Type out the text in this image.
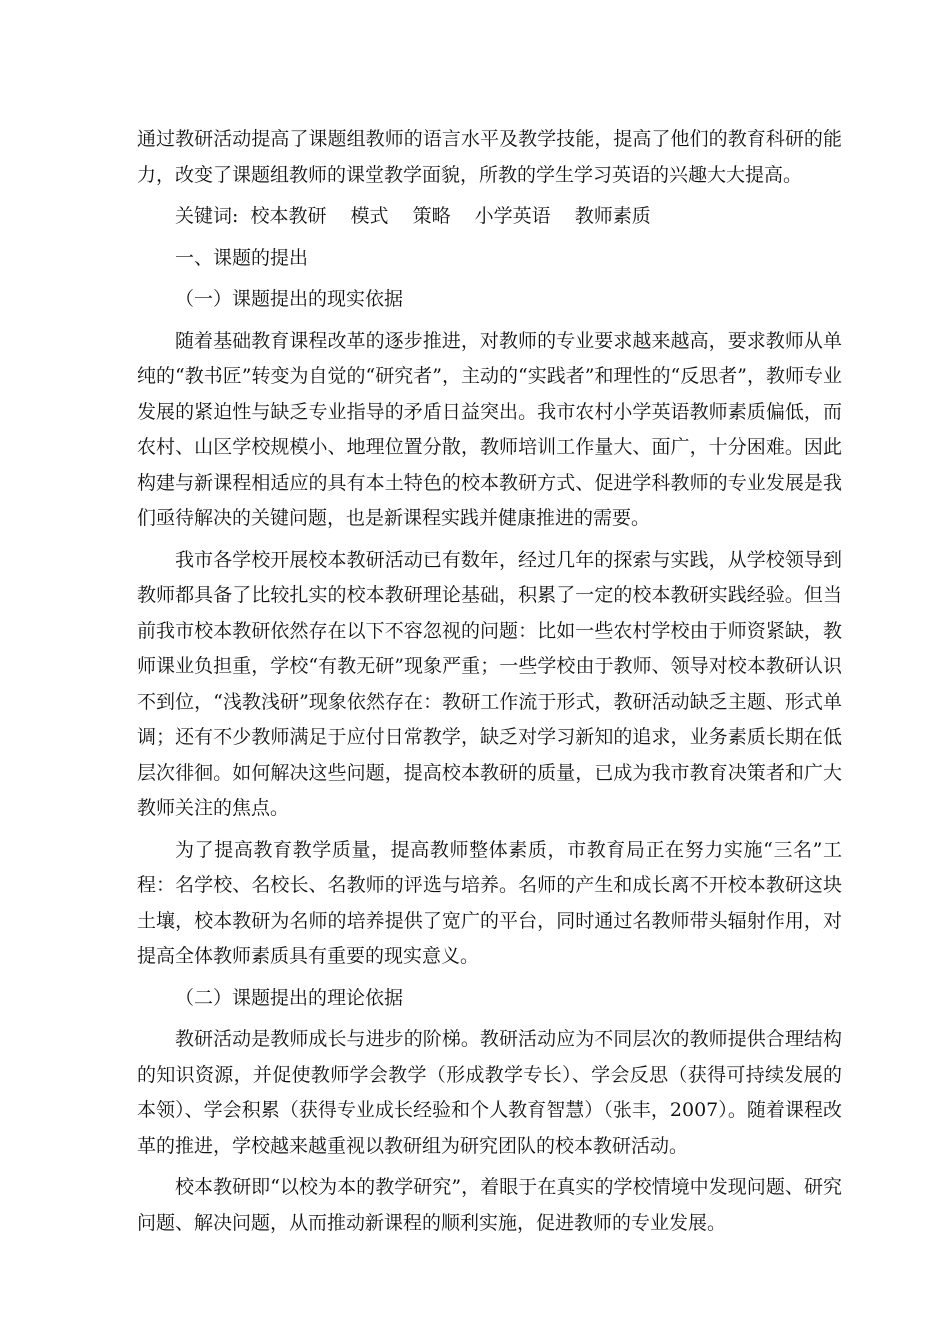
通过教研活动提高了课题组教师的语言水平及教学技能，提高了他们的教育科研的能力，改变了课题组教师的课堂教学面貌，所教的学生学习英语的兴趣大大提高。

关键词: 校本教研 模式 策略 小学英语 教师素质
一、课题的提出
（一）课题提出的现实依据

随着基础教育课程改革的逐步推进，对教师的专业要求越来越高，要求教师从单纯的“教书匠”转变为自觉的“研究者”，主动的“实践者”和理性的“反思者”，教师专业发展的紧迫性与缺乏专业指导的矛盾日益突出。我市农村小学英语教师素质偏低，而农村、山区学校规模小、地理位置分散，教师培训工作量大、面广，十分困难。因此构建与新课程相适应的具有本土特色的校本教研方式、促进学科教师的专业发展是我们亟待解决的关键问题，也是新课程实践并健康推进的需要。

我市各学校开展校本教研活动已有数年，经过几年的探索与实践，从学校领导到教师都具备了比较扎实的校本教研理论基础，积累了一定的校本教研实践经验。但当前我市校本教研依然存在以下不容忽视的问题：比如一些农村学校由于师资紧缺，教师课业负担重，学校“有教无研”现象严重；一些学校由于教师、领导对校本教研认识不到位，“浅教浅研”现象依然存在：教研工作流于形式，教研活动缺乏主题、形式单调；还有不少教师满足于应付日常教学，缺乏对学习新知的追求，业务素质长期在低层次徘徊。如何解决这些问题，提高校本教研的质量，已成为我市教育决策者和广大教师关注的焦点。

为了提高教育教学质量，提高教师整体素质，市教育局正在努力实施“三名”工程：名学校、名校长、名教师的评选与培养。名师的产生和成长离不开校本教研这块土壤，校本教研为名师的培养提供了宽广的平台，同时通过名教师带头辐射作用，对提高全体教师素质具有重要的现实意义。

（二）课题提出的理论依据

教研活动是教师成长与进步的阶梯。教研活动应为不同层次的教师提供合理结构的知识资源，并促使教师学会教学（形成教学专长）、学会反思（获得可持续发展的本领）、学会积累（获得专业成长经验和个人教育智慧）（张丰，2007）。随着课程改革的推进，学校越来越重视以教研组为研究团队的校本教研活动。

校本教研即“以校为本的教学研究”，着眼于在真实的学校情境中发现问题、研究问题、解决问题，从而推动新课程的顺利实施，促进教师的专业发展。
